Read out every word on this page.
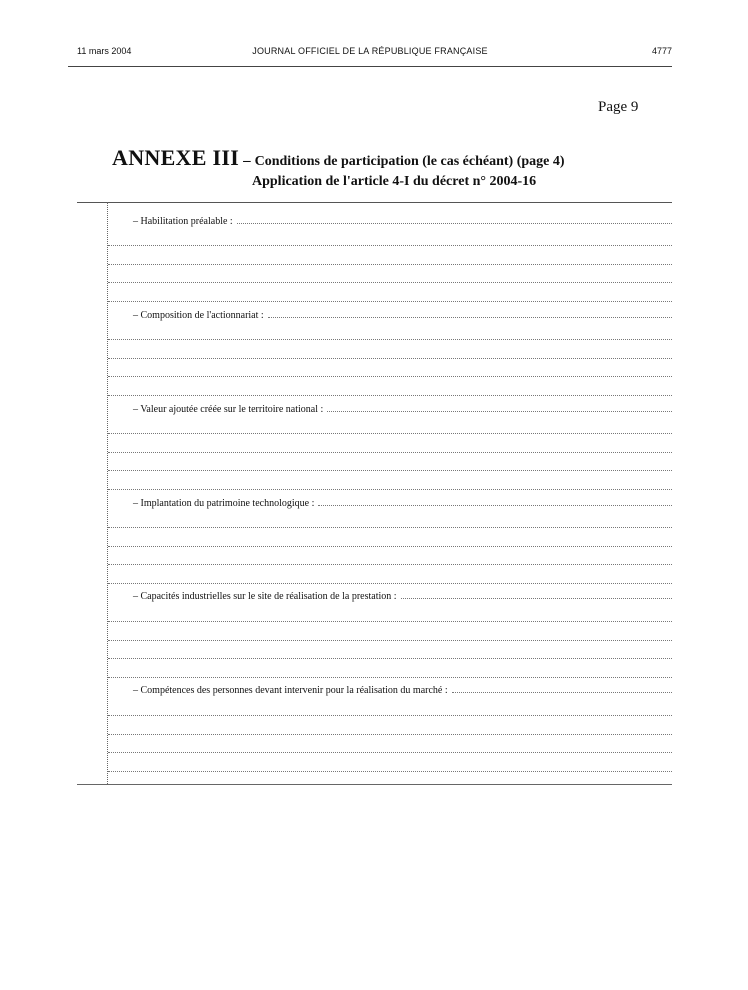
11 mars 2004	JOURNAL OFFICIEL DE LA RÉPUBLIQUE FRANÇAISE	4777
Page 9
ANNEXE III – Conditions de participation (le cas échéant) (page 4)
Application de l'article 4-I du décret n° 2004-16
– Habilitation préalable :
– Composition de l'actionnariat :
– Valeur ajoutée créée sur le territoire national :
– Implantation du patrimoine technologique :
– Capacités industrielles sur le site de réalisation de la prestation :
– Compétences des personnes devant intervenir pour la réalisation du marché :
